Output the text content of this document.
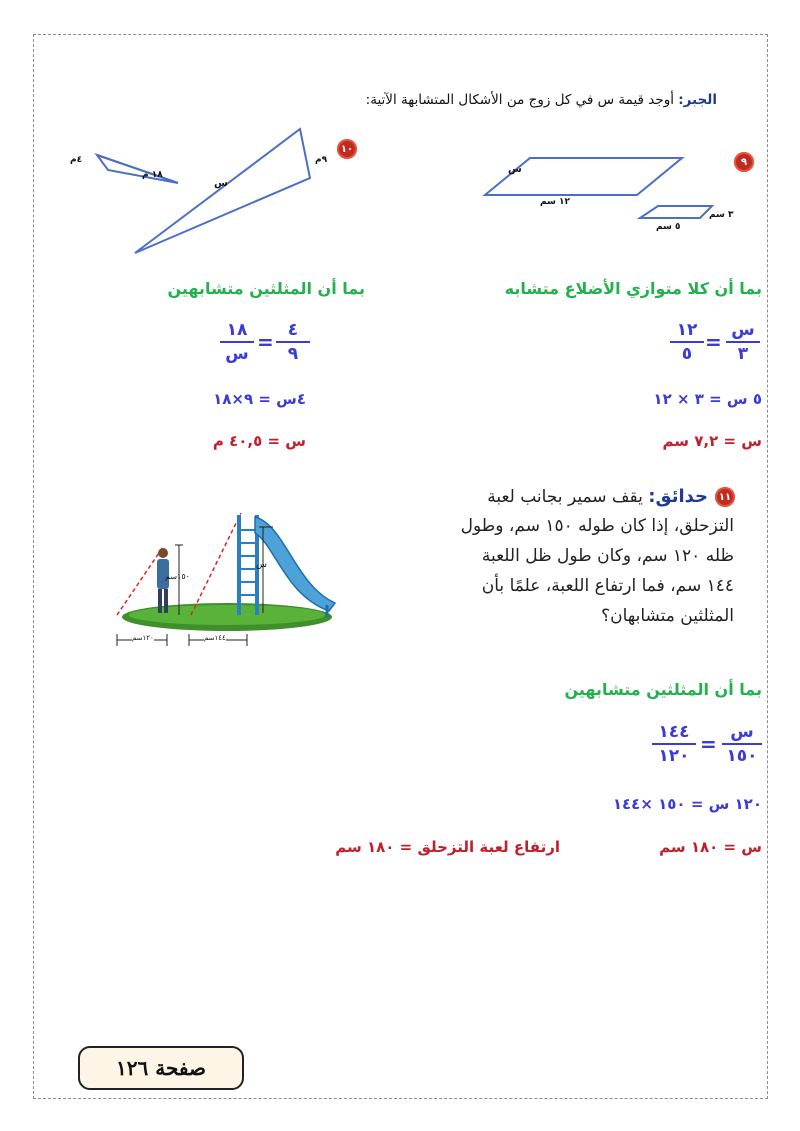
الجبر: أوجد قيمة س في كل زوج من الأشكال المتشابهة الآتية:
٩
س
١٢ سم
٣ سم
٥ سم
١٠
٤م
١٨ م
٩م
س
بما أن كلا متوازي الأضلاع متشابه
س
٣
=
١٢
٥
٥ س = ٣ × ١٢
س = ٧,٢ سم
بما أن المثلثين متشابهين
٤
٩
=
١٨
س
٤س = ٩×١٨
س = ٤٠,٥ م
١١
حدائق: يقف سمير بجانب لعبة
التزحلق، إذا كان طوله ١٥٠ سم، وطول
ظله ١٢٠ سم، وكان طول ظل اللعبة
١٤٤ سم، فما ارتفاع اللعبة، علمًا بأن
المثلثين متشابهان؟
١٥٠سم
س
١٢٠سم	١٤٤سم
بما أن المثلثين متشابهين
س
١٥٠
=
١٤٤
١٢٠
١٢٠ س = ١٥٠ ×١٤٤
س = ١٨٠ سم
ارتفاع لعبة التزحلق = ١٨٠ سم
صفحة ١٢٦
